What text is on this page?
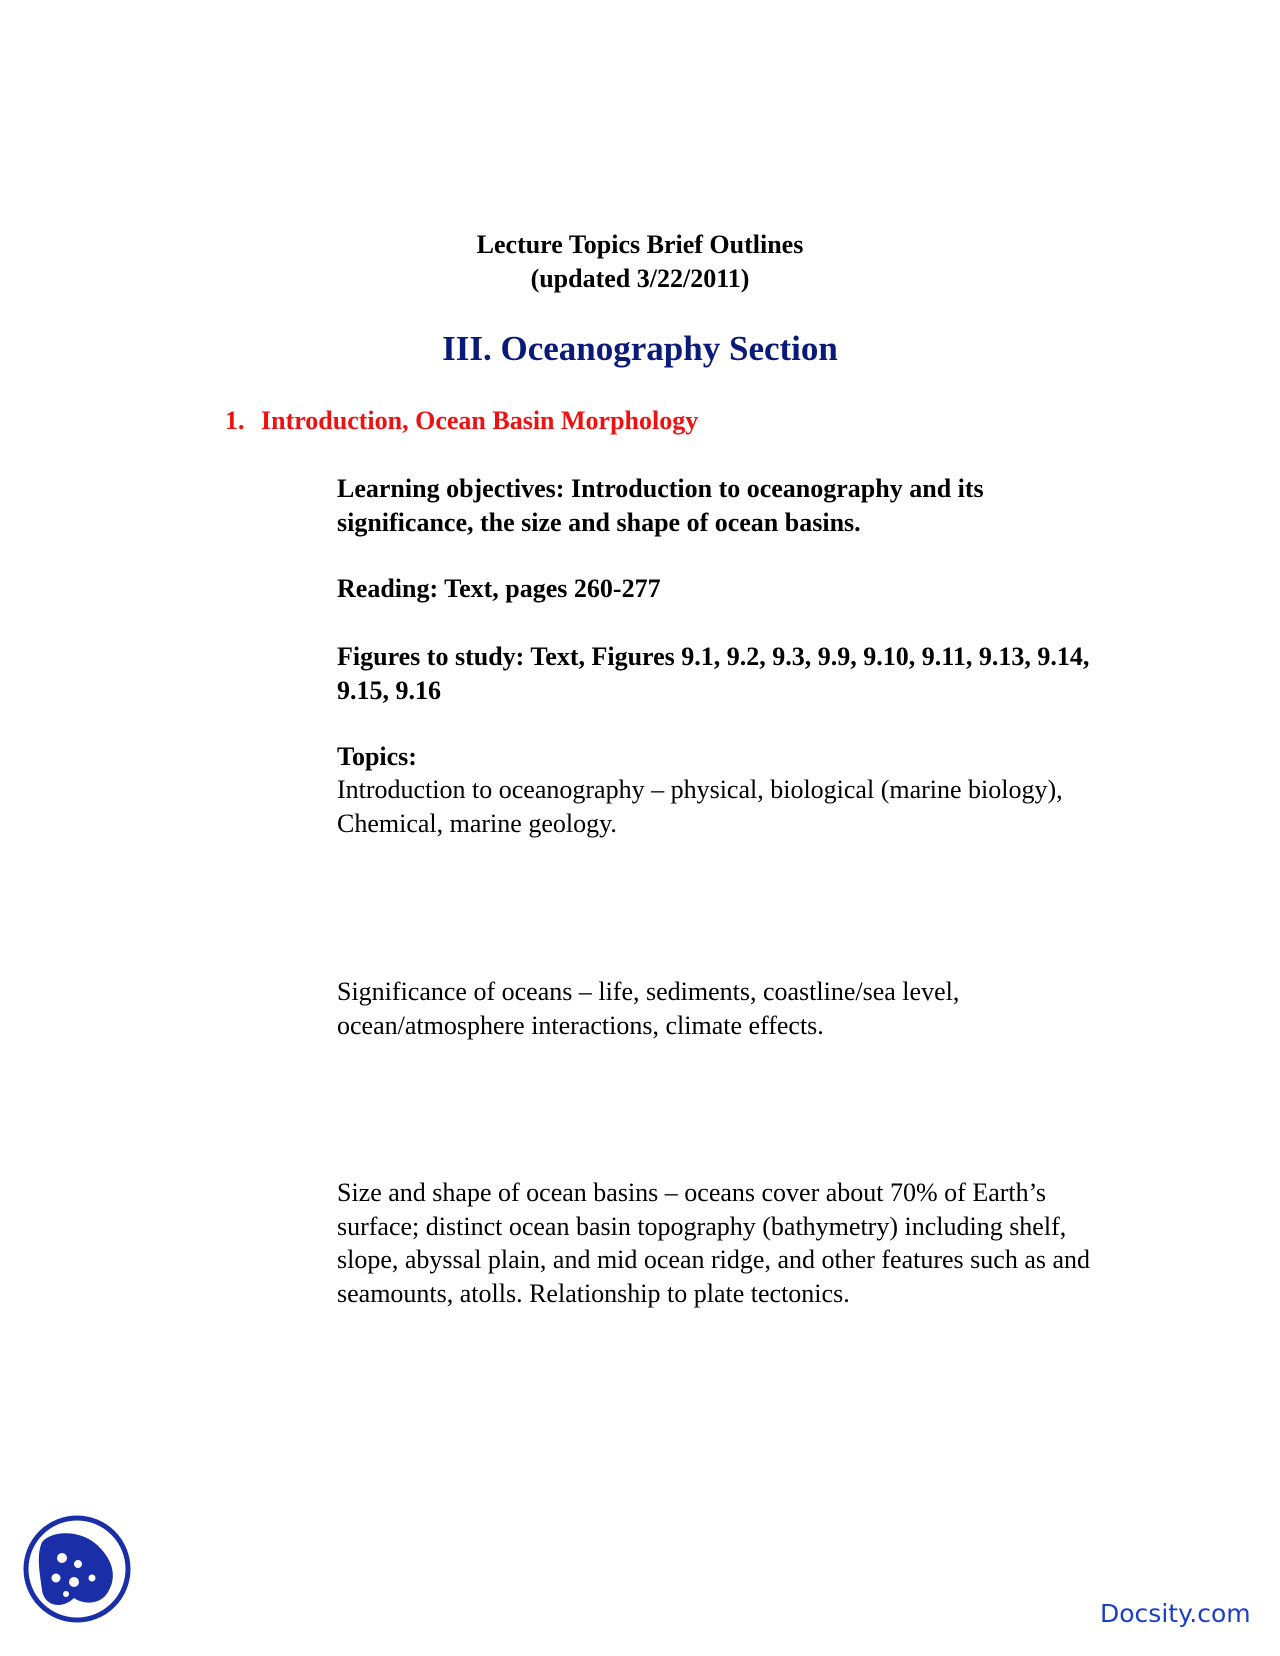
Lecture Topics Brief Outlines
(updated 3/22/2011)
III. Oceanography Section
1. Introduction, Ocean Basin Morphology
Learning objectives: Introduction to oceanography and its significance, the size and shape of ocean basins.
Reading: Text, pages 260-277
Figures to study: Text, Figures 9.1, 9.2, 9.3, 9.9, 9.10, 9.11, 9.13, 9.14, 9.15, 9.16
Topics:
Introduction to oceanography – physical, biological (marine biology), Chemical, marine geology.
Significance of oceans – life, sediments, coastline/sea level, ocean/atmosphere interactions, climate effects.
Size and shape of ocean basins – oceans cover about 70% of Earth’s surface; distinct ocean basin topography (bathymetry) including shelf, slope, abyssal plain, and mid ocean ridge, and other features such as and seamounts, atolls. Relationship to plate tectonics.
Docsity.com
